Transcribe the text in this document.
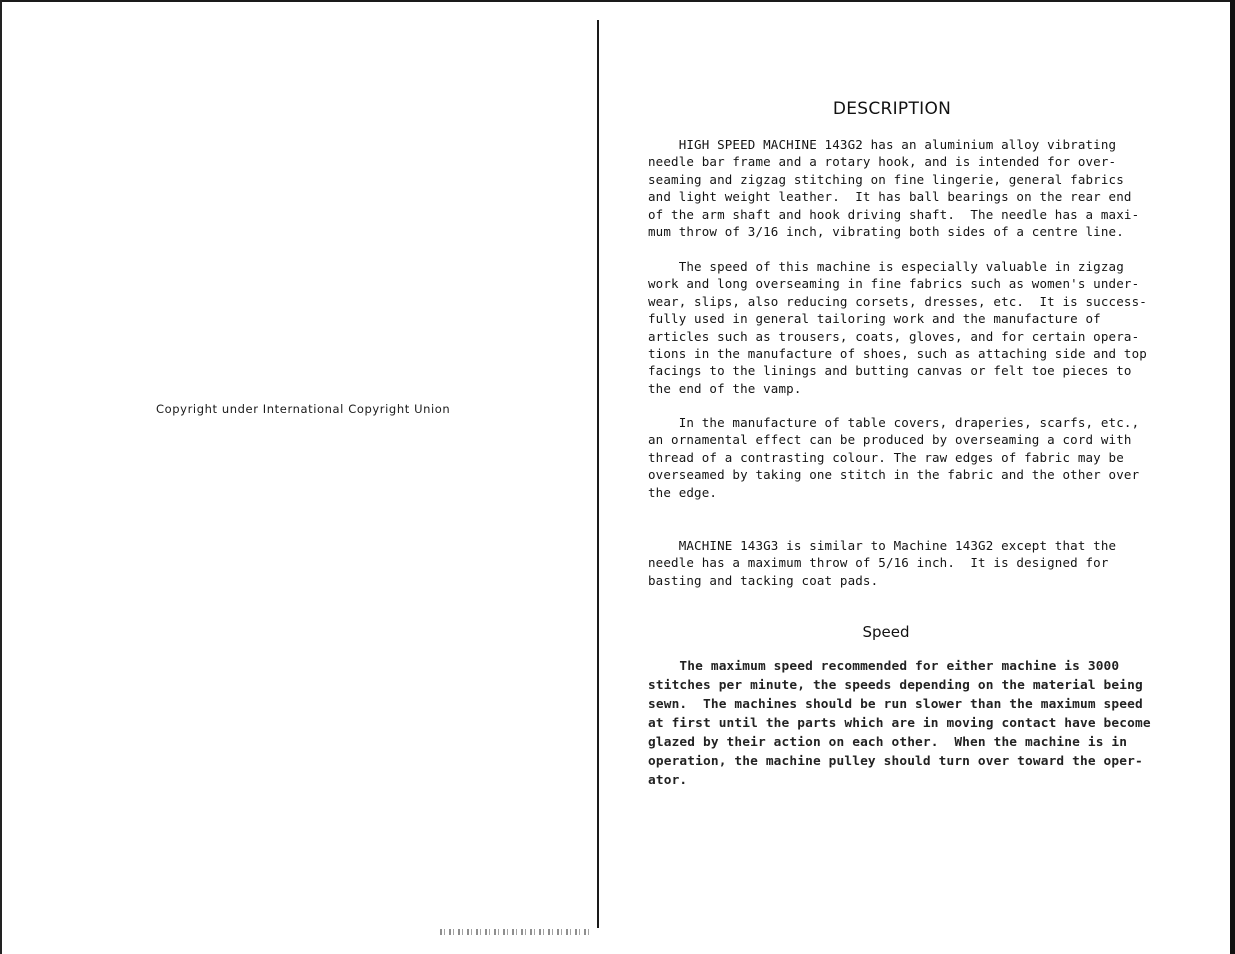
Copyright under International Copyright Union
DESCRIPTION
HIGH SPEED MACHINE 143G2 has an aluminium alloy vibrating
needle bar frame and a rotary hook, and is intended for over-
seaming and zigzag stitching on fine lingerie, general fabrics
and light weight leather.  It has ball bearings on the rear end
of the arm shaft and hook driving shaft.  The needle has a maxi-
mum throw of 3/16 inch, vibrating both sides of a centre line.
The speed of this machine is especially valuable in zigzag
work and long overseaming in fine fabrics such as women's under-
wear, slips, also reducing corsets, dresses, etc.  It is success-
fully used in general tailoring work and the manufacture of
articles such as trousers, coats, gloves, and for certain opera-
tions in the manufacture of shoes, such as attaching side and top
facings to the linings and butting canvas or felt toe pieces to
the end of the vamp.
In the manufacture of table covers, draperies, scarfs, etc.,
an ornamental effect can be produced by overseaming a cord with
thread of a contrasting colour. The raw edges of fabric may be
overseamed by taking one stitch in the fabric and the other over
the edge.
MACHINE 143G3 is similar to Machine 143G2 except that the
needle has a maximum throw of 5/16 inch.  It is designed for
basting and tacking coat pads.
Speed
The maximum speed recommended for either machine is 3000
stitches per minute, the speeds depending on the material being
sewn.  The machines should be run slower than the maximum speed
at first until the parts which are in moving contact have become
glazed by their action on each other.  When the machine is in
operation, the machine pulley should turn over toward the oper-
ator.
